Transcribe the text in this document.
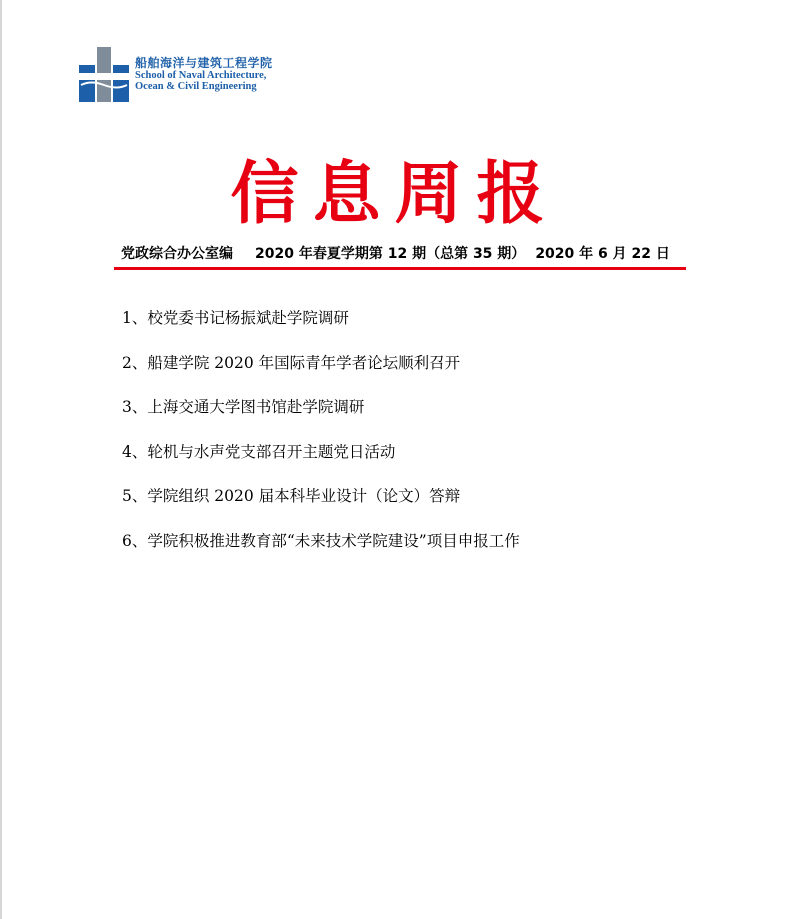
船舶海洋与建筑工程学院
School of Naval Architecture,
Ocean & Civil Engineering
信息周报
党政综合办公室编 2020 年春夏学期第 12 期（总第 35 期） 2020 年 6 月 22 日
1、校党委书记杨振斌赴学院调研
2、船建学院 2020 年国际青年学者论坛顺利召开
3、上海交通大学图书馆赴学院调研
4、轮机与水声党支部召开主题党日活动
5、学院组织 2020 届本科毕业设计（论文）答辩
6、学院积极推进教育部“未来技术学院建设”项目申报工作
